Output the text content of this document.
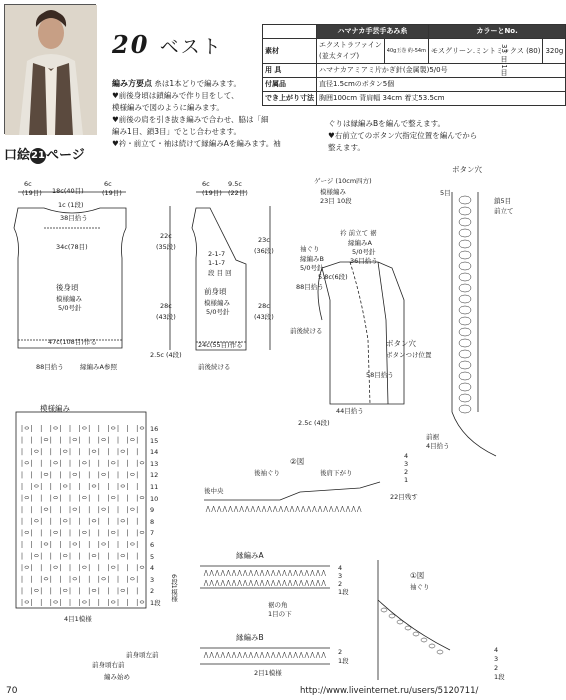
口絵21ページ
20 ベスト
	ハマナカ手芸手あみ糸		カラーとNo.	
素材	エクストラファイン
(並太タイプ)	40g玉巻 約-54m	モスグリーン.ミントミックス (80)	320g
用 具	ハマナカアミアミ片かぎ針(金属製)5/0号			
付属品	直径1.5cmのボタン5個			
でき上がり寸法	胸囲100cm 背肩幅 34cm 着丈53.5cm			
編み方要点 糸は1本どりで編みます。
♥前後身頃は鎖編みで作り目をして、
模様編みで図のように編みます。
♥前後の肩を引き抜き編みで合わせ、脇は「細
編み1目、鎖3目」でとじ合わせます。
♥衿・前立て・袖は続けて縁編みAを編みます。袖
ぐりは縁編みBを編んで整えます。
♥右前立てのボタン穴指定位置を編んでから
整えます。
6c
(19目) 18c(40目)
6c
(19目)
1c (1段)
38目拾う
34c(78目)
後身頃
模様編み
5/0号針
47c(108目)作る
88目拾う 縁編みA参照
6c
(19目)
9.5c
(22目)
2-1-7
1-1-7
段 目 回
前身頃
模様編み
5/0号針
24c(55目)作る
前後続ける
22c
(35段)
28c
(43段)
23c
(36段)
28c
(43段)
2.5c (4段)
ゲージ (10cm四方)
模様編み
23目 10段
衿 前立て 裾
縁編みA
5/0号針
袖ぐり
縁編みB
5/0号針
5.8c(6段)
88目拾う
36目拾う
前後続ける
ボタン穴
ボタンつけ位置
58目拾う
44目拾う
2.5c (4段)
模様編み
16
15
14
13
12
11
10
9
8
7
6
5
4
3
2
1段
6段1模様
4目1模様
前身頃右前
前身頃左前
編み始め
②図
後袖ぐり	後肩下がり
後中央
22目残す
縁編みA
4
3
2
1段
裾の角
1目の下
縁編みB
2目1模様
2
1段
①図
袖ぐり
4
3
2
1段
ボタン穴
5目
鎖5目
前立て
前裾
4目拾う
4
3
2
1
33 目 1目
70	http://www.liveinternet.ru/users/5120711/
